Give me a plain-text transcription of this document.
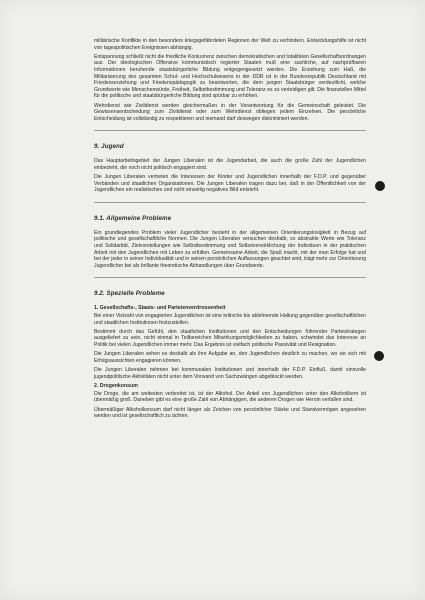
militärische Konflikte in den besonders kriegsgefährdeten Regionen der Welt zu verhindern. Entwicklungshilfe ist nicht von tagespolitischen Ereignissen abhängig.

Entspannung schließt nicht die friedliche Konkurrenz zwischen demokratischen und totalitären Gesellschaftsordnungen aus. Der ideologischen Offensive kommunistisch regierter Staaten muß eine sachliche, auf nachprüfbaren Informationen beruhende staatsbürgerliche Bildung entgegengesetzt werden. Die Erziehung zum Haß, die Militarisierung des gesamten Schul- und Hochschulwesens in der DDR ist in der Bundesrepublik Deutschland mit Friedenserziehung und Friedenspädagogik zu beantworten, die dem jungen Staatsbürger verdeutlicht, welche Grundwerte wie Menschenwürde, Freiheit, Selbstbestimmung und Toleranz es zu verteidigen gilt. Die finanziellen Mittel für die politische und staatsbürgerliche Bildung sind spürbar zu erhöhen.

Wehrdienst wie Zivildienst werden gleichermaßen in der Verantwortung für die Gemeinschaft geleistet. Die Gewissensentscheidung zum Zivildienst oder zum Wehrdienst obliegen jedem Einzelnen. Die persönliche Entscheidung ist vollständig zu respektieren und niemand darf deswegen diskriminiert werden.

9. Jugend

Das Hauptarbeitsgebiet der Jungen Liberalen ist die Jugendarbeit, die auch die große Zahl der Jugendlichen einbezieht, die noch nicht politisch engagiert sind.

Die Jungen Liberalen vertreten die Interessen der Kinder und Jugendlichen innerhalb der F.D.P. und gegenüber Verbänden und staatlichen Organisationen. Die Jungen Liberalen tragen dazu bei, daß in der Öffentlichkeit von der Jugendlichen ein realistisches und nicht einseitig negatives Bild entsteht.

9.1. Allgemeine Probleme

Ein grundlegendes Problem vieler Jugendlicher besteht in der allgemeinen Orientierungslosigkeit in Bezug auf politische und gesellschaftliche Normen. Die Jungen Liberalen versuchen deshalb, so abstrakte Werte wie Toleranz und Solidarität, Zielvorstellungen wie Selbstbestimmung und Selbstverwirklichung der Individuen in der praktischen Arbeit mit den Jugendlichen mit Leben zu erfüllen. Gemeinsame Arbeit, die Spaß macht, mit der man Erfolge hat und bei der jeder in seiner Individualität und in seinen persönlichen Auffassungen geachtet wird, trägt mehr zur Orientierung Jugendlicher bei als brillante theoretische Abhandlungen über Grundwerte.

9.2. Spezielle Probleme
1. Gesellschafts-, Staats- und Parteienverdrossenheit

Bei einer Vielzahl von engagierten Jugendlichen ist eine kritische bis ablehnende Haltung gegenüber gesellschaftlichen und staatlichen Institutionen festzustellen.

Bestimmt durch das Gefühl, den staatlichen Institutionen und den Entscheidungen führender Parteistrategen ausgeliefert zu sein, nicht einmal in Teilbereichen Mitwirkungsmöglichkeiten zu haben, schwindet das Interesse an Politik bei vielen Jugendlichen immer mehr. Das Ergebnis ist vielfach politische Passivität und Resignation.

Die Jungen Liberalen sehen es deshalb als ihre Aufgabe an, den Jugendlichen deutlich zu machen, wo sie sich mit Erfolgsaussichten engagieren können.

Die Jungen Liberalen nehmen bei kommunalen Institutionen und innerhalb der F.D.P. Einfluß, damit sinnvolle jugendpolitische Aktivitäten nicht unter dem Vorwand von Sachzwängen abgeblockt werden.

2. Drogenkonsum

Die Droge, die am weitesten verbreitet ist, ist der Alkohol. Der Anteil von Jugendlichen unter den Alkoholikern ist übermäßig groß. Daneben gibt es eine große Zahl von Abhängigen, die anderen Drogen wie Heroin verfallen sind.

Übermäßiger Alkoholkonsum darf nicht länger als Zeichen von persönlicher Stärke und Standvermögen angesehen werden und ist gesellschaftlich zu ächten.
